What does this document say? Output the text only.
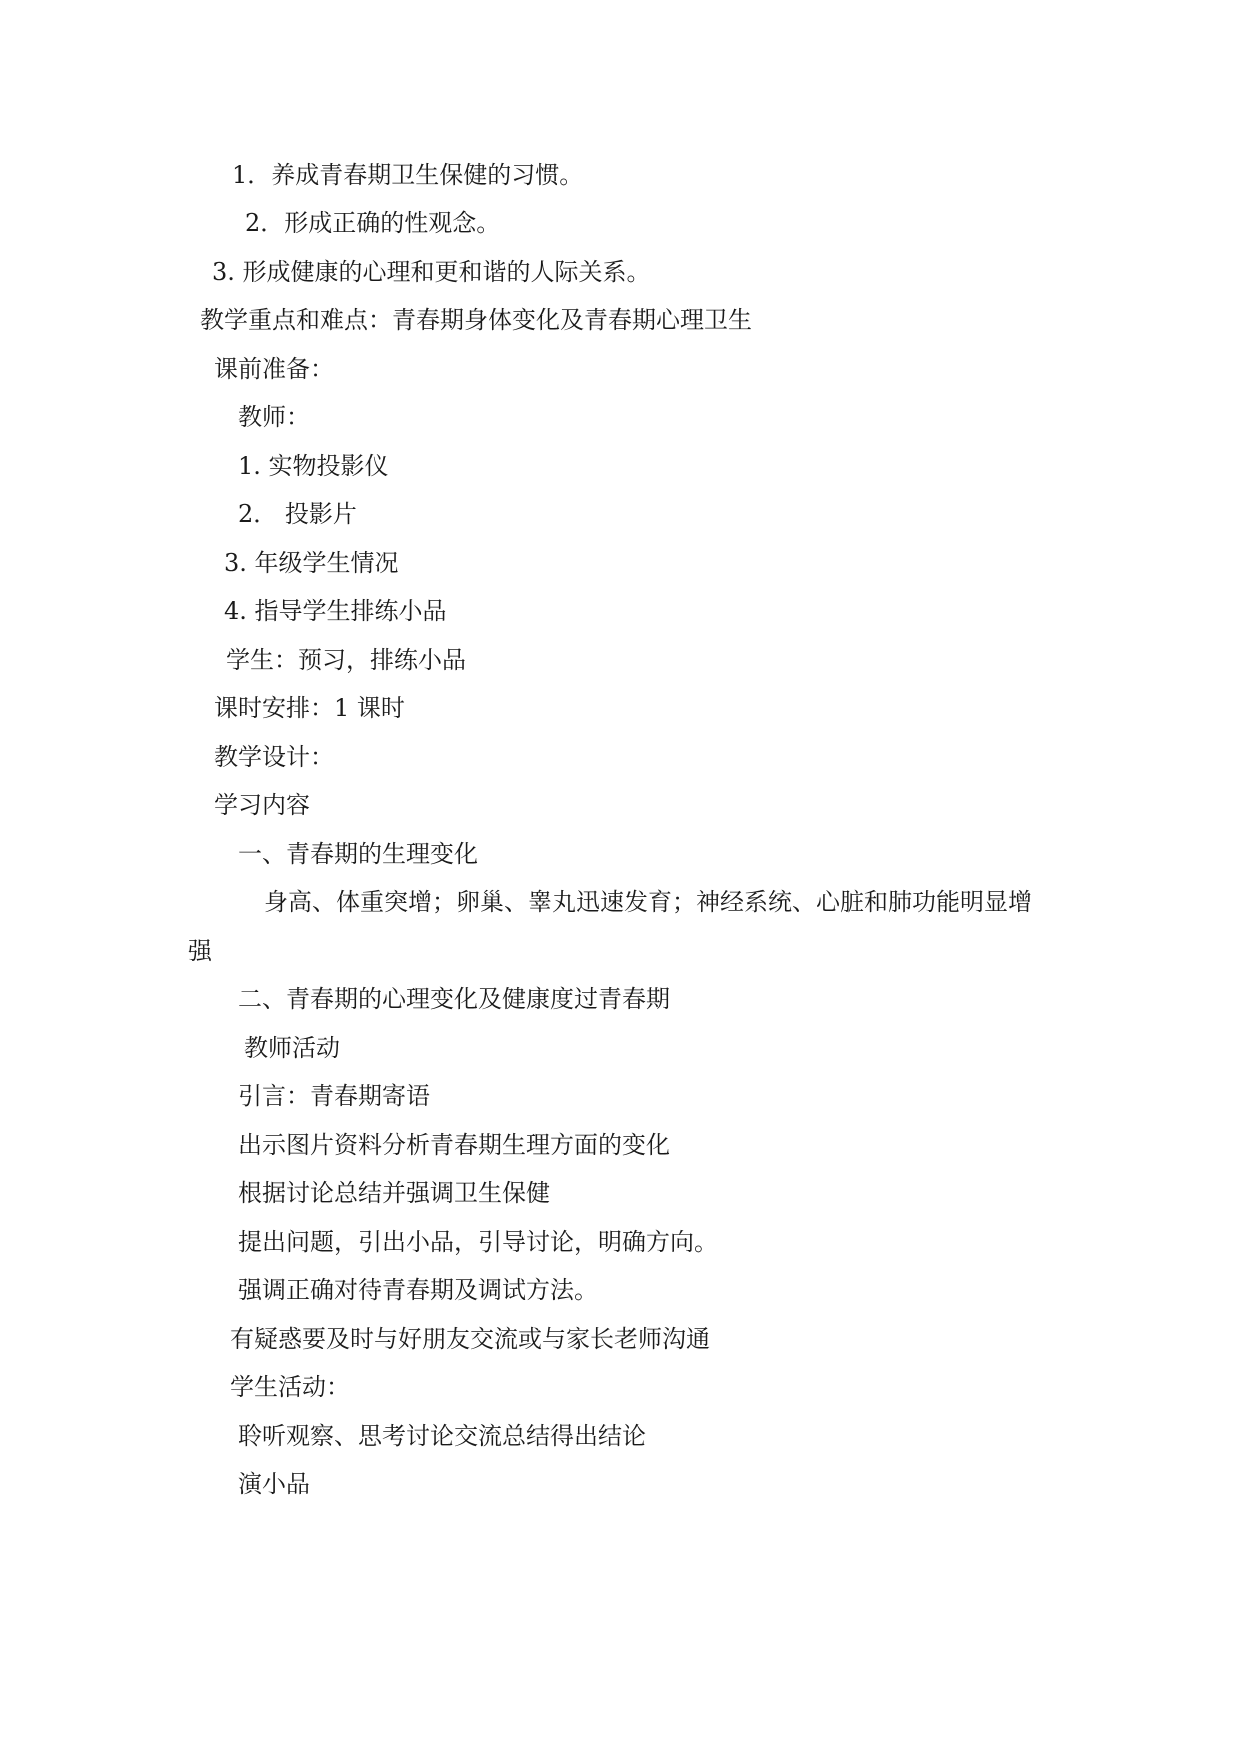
1．养成青春期卫生保健的习惯。
2．形成正确的性观念。
3. 形成健康的心理和更和谐的人际关系。
教学重点和难点：青春期身体变化及青春期心理卫生
课前准备：
教师：
1. 实物投影仪
2． 投影片
3. 年级学生情况
4. 指导学生排练小品
学生：预习，排练小品
课时安排：1 课时
教学设计：
学习内容
一、青春期的生理变化
身高、体重突增；卵巢、睾丸迅速发育；神经系统、心脏和肺功能明显增
强
二、青春期的心理变化及健康度过青春期
教师活动
引言：青春期寄语
出示图片资料分析青春期生理方面的变化
根据讨论总结并强调卫生保健
提出问题，引出小品，引导讨论，明确方向。
强调正确对待青春期及调试方法。
有疑惑要及时与好朋友交流或与家长老师沟通
学生活动：
聆听观察、思考讨论交流总结得出结论
演小品
